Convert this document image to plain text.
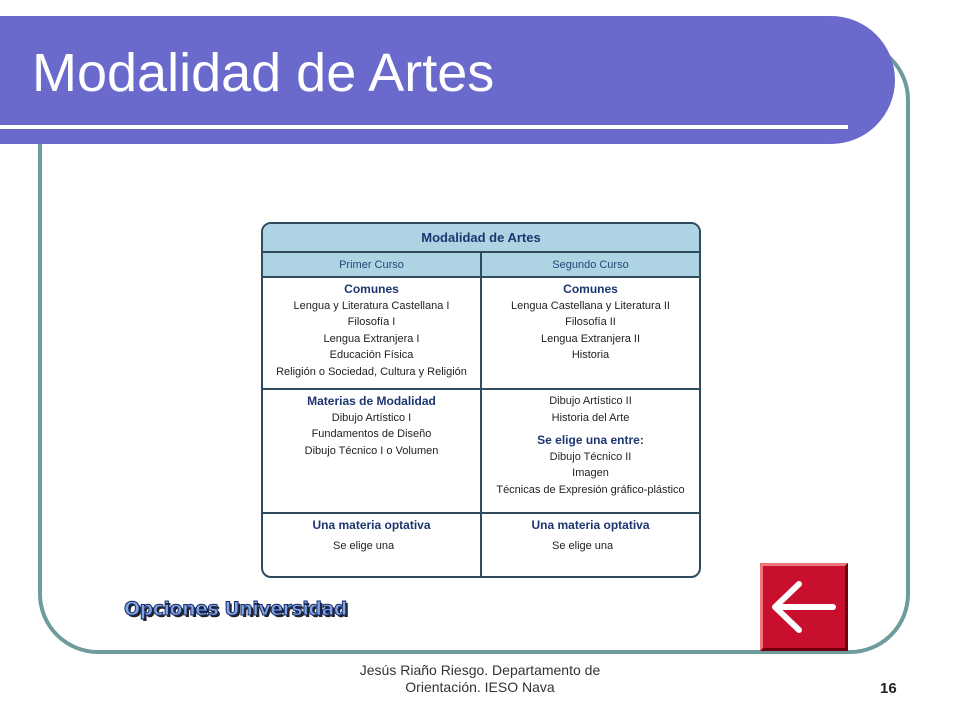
Modalidad de Artes
Modalidad de Artes
Primer Curso	Segundo Curso
Comunes
Lengua y Literatura Castellana I
Filosofía I
Lengua Extranjera I
Educación Física
Religión o Sociedad, Cultura y Religión
Comunes
Lengua Castellana y Literatura II
Filosofía II
Lengua Extranjera II
Historia
Materias de Modalidad
Dibujo Artístico I
Fundamentos de Diseño
Dibujo Técnico I o Volumen
Dibujo Artístico II
Historia del Arte
Se elige una entre:
Dibujo Técnico II
Imagen
Técnicas de Expresión gráfico-plástico
Una materia optativa
Se elige una
Una materia optativa
Se elige una
Opciones Universidad
Jesús Riaño Riesgo. Departamento de
Orientación. IESO Nava	16
